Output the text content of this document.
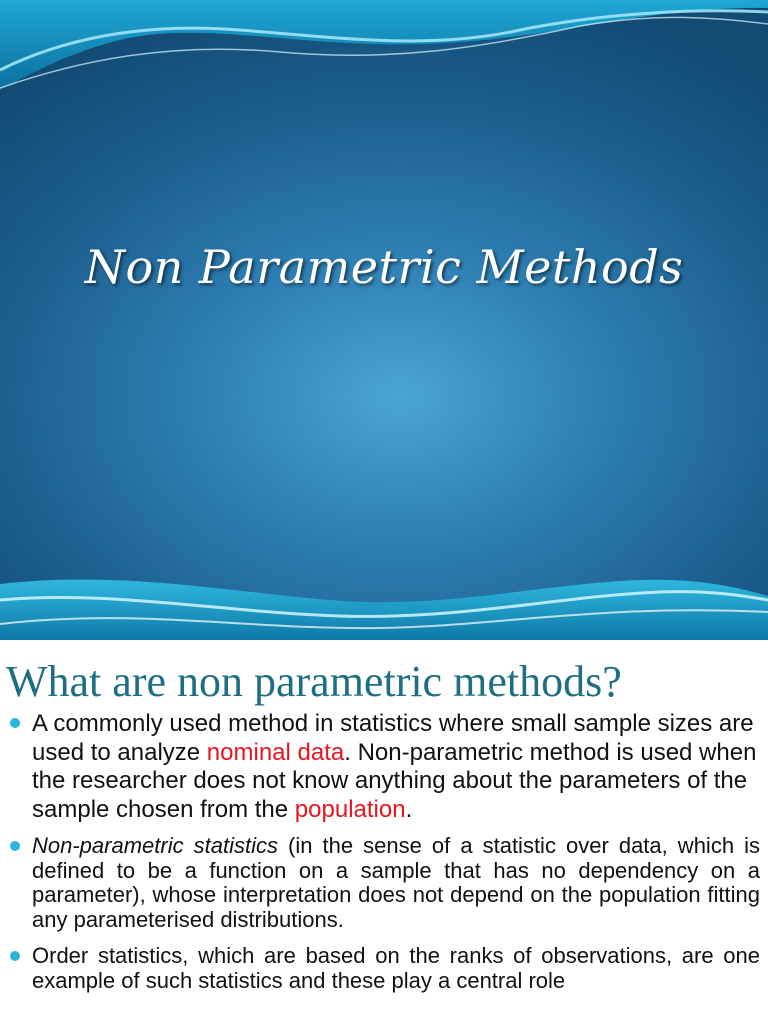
Non Parametric Methods
What are non parametric methods?
A commonly used method in statistics where small sample sizes are used to analyze nominal data. Non-parametric method is used when the researcher does not know anything about the parameters of the sample chosen from the population.
Non-parametric statistics (in the sense of a statistic over data, which is defined to be a function on a sample that has no dependency on a parameter), whose interpretation does not depend on the population fitting any parameterised distributions.
Order statistics, which are based on the ranks of observations, are one example of such statistics and these play a central role
